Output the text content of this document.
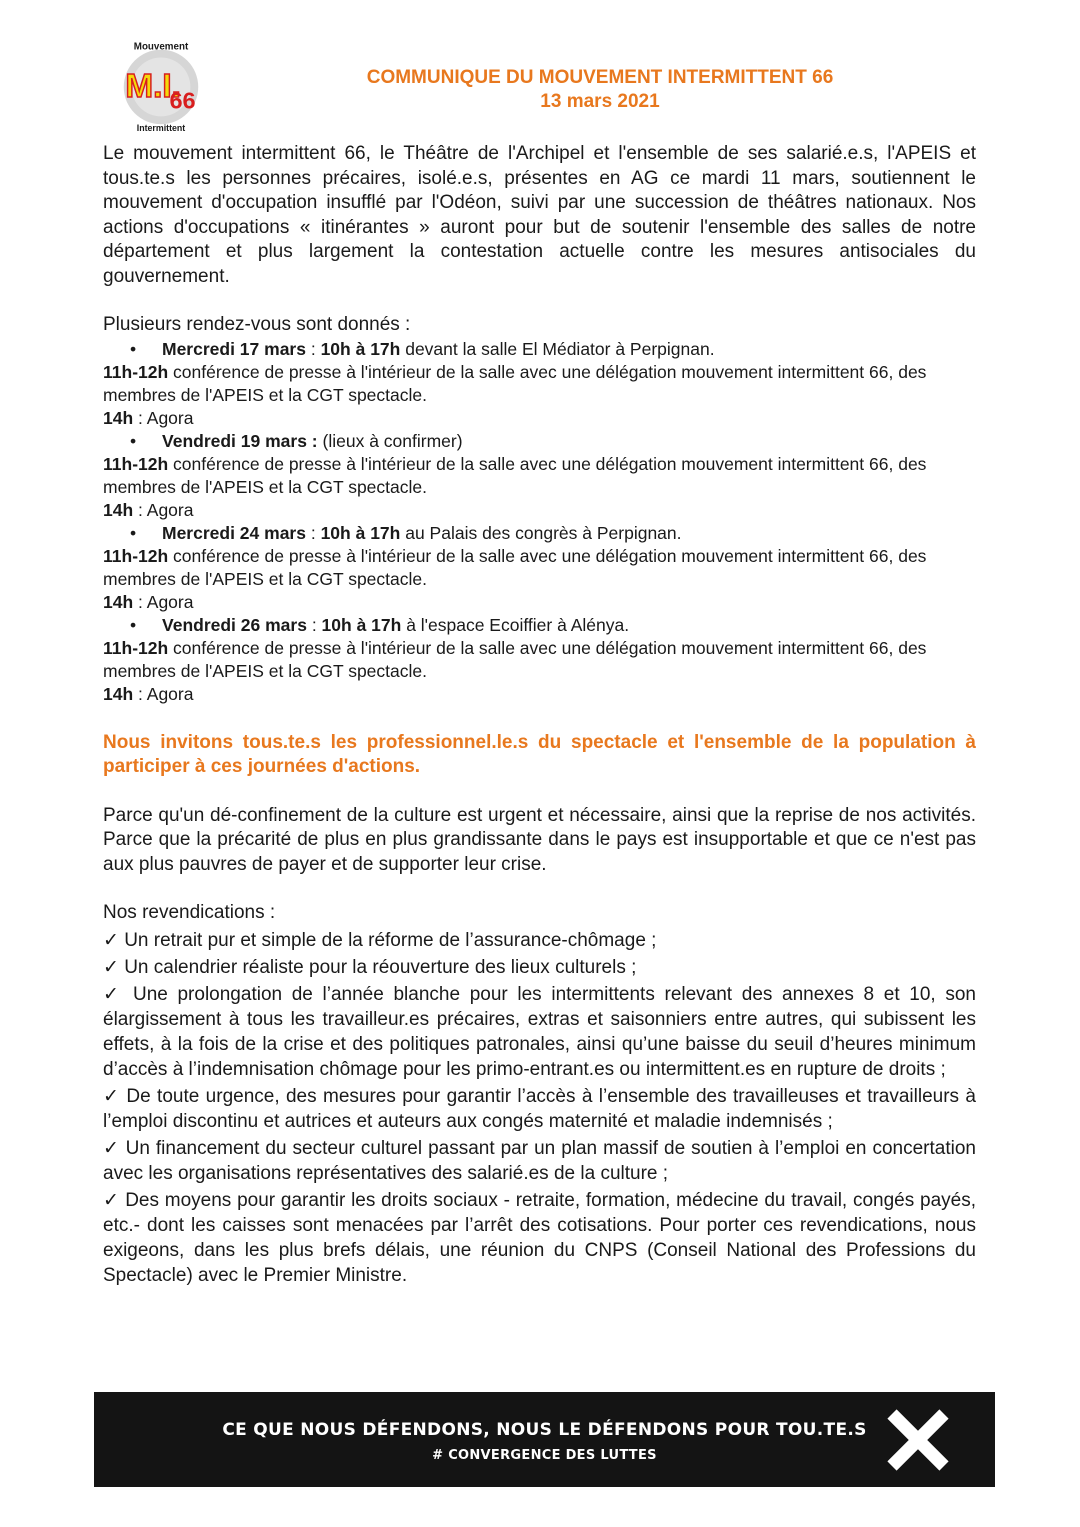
Mouvement
M.I.
66
Intermittent
COMMUNIQUE DU MOUVEMENT INTERMITTENT 66
13 mars 2021

Le mouvement intermittent 66, le Théâtre de l'Archipel et l'ensemble de ses salarié.e.s, l'APEIS et tous.te.s les personnes précaires, isolé.e.s, présentes en AG ce mardi 11 mars, soutiennent le mouvement d'occupation insufflé par l'Odéon, suivi par une succession de théâtres nationaux. Nos actions d'occupations « itinérantes » auront pour but de soutenir l'ensemble des salles de notre département et plus largement la contestation actuelle contre les mesures antisociales du gouvernement.

Plusieurs rendez-vous sont donnés :

• Mercredi 17 mars : 10h à 17h devant la salle El Médiator à Perpignan.
11h-12h conférence de presse à l'intérieur de la salle avec une délégation mouvement intermittent 66, des membres de l'APEIS et la CGT spectacle.
14h : Agora
• Vendredi 19 mars : (lieux à confirmer)
11h-12h conférence de presse à l'intérieur de la salle avec une délégation mouvement intermittent 66, des membres de l'APEIS et la CGT spectacle.
14h : Agora
• Mercredi 24 mars : 10h à 17h au Palais des congrès à Perpignan.
11h-12h conférence de presse à l'intérieur de la salle avec une délégation mouvement intermittent 66, des membres de l'APEIS et la CGT spectacle.
14h : Agora
• Vendredi 26 mars : 10h à 17h à l'espace Ecoiffier à Alénya.
11h-12h conférence de presse à l'intérieur de la salle avec une délégation mouvement intermittent 66, des membres de l'APEIS et la CGT spectacle.
14h : Agora

Nous invitons tous.te.s les professionnel.le.s du spectacle et l'ensemble de la population à participer à ces journées d'actions.

Parce qu'un dé-confinement de la culture est urgent et nécessaire, ainsi que la reprise de nos activités. Parce que la précarité de plus en plus grandissante dans le pays est insupportable et que ce n'est pas aux plus pauvres de payer et de supporter leur crise.

Nos revendications :

✓ Un retrait pur et simple de la réforme de l’assurance-chômage ;

✓ Un calendrier réaliste pour la réouverture des lieux culturels ;

✓ Une prolongation de l’année blanche pour les intermittents relevant des annexes 8 et 10, son élargissement à tous les travailleur.es précaires, extras et saisonniers entre autres, qui subissent les effets, à la fois de la crise et des politiques patronales, ainsi qu’une baisse du seuil d’heures minimum d’accès à l’indemnisation chômage pour les primo-entrant.es ou intermittent.es en rupture de droits ;

✓ De toute urgence, des mesures pour garantir l’accès à l’ensemble des travailleuses et travailleurs à l’emploi discontinu et autrices et auteurs aux congés maternité et maladie indemnisés ;

✓ Un financement du secteur culturel passant par un plan massif de soutien à l’emploi en concertation avec les organisations représentatives des salarié.es de la culture ;

✓ Des moyens pour garantir les droits sociaux - retraite, formation, médecine du travail, congés payés, etc.- dont les caisses sont menacées par l’arrêt des cotisations. Pour porter ces revendications, nous exigeons, dans les plus brefs délais, une réunion du CNPS (Conseil National des Professions du Spectacle) avec le Premier Ministre.

CE QUE NOUS DÉFENDONS, NOUS LE DÉFENDONS POUR TOU.TE.S
# CONVERGENCE DES LUTTES
